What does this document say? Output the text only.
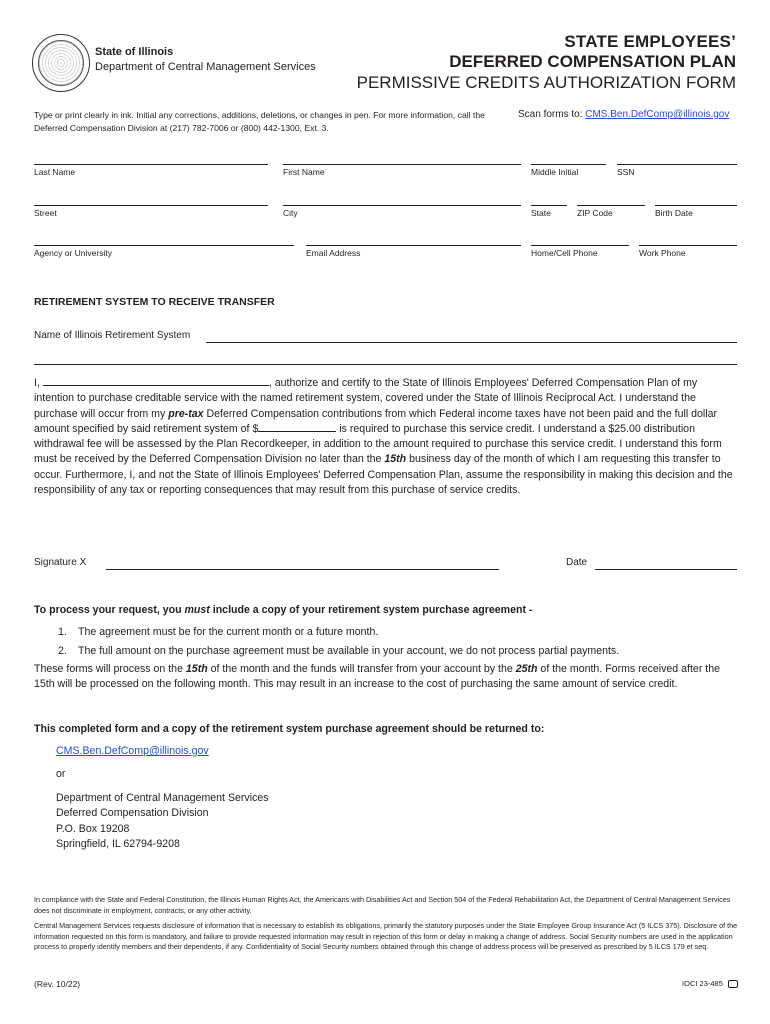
State of Illinois
Department of Central Management Services
STATE EMPLOYEES’
DEFERRED COMPENSATION PLAN
PERMISSIVE CREDITS AUTHORIZATION FORM
Type or print clearly in ink. Initial any corrections, additions, deletions, or changes in pen. For more information, call the Deferred Compensation Division at (217) 782-7006 or (800) 442-1300, Ext. 3.
Scan forms to: CMS.Ben.DefComp@illinois.gov
Last Name	First Name	Middle Initial	SSN
Street	City	State	ZIP Code	Birth Date
Agency or University	Email Address	Home/Cell Phone	Work Phone
RETIREMENT SYSTEM TO RECEIVE TRANSFER
Name of Illinois Retirement System
I,	, authorize and certify to the State of Illinois Employees' Deferred Compensation Plan of my intention to purchase creditable service with the named retirement system, covered under the State of Illinois Reciprocal Act. I understand the purchase will occur from my pre-tax Deferred Compensation contributions from which Federal income taxes have not been paid and the full dollar amount specified by said retirement system of $	is required to purchase this service credit. I understand a $25.00 distribution withdrawal fee will be assessed by the Plan Recordkeeper, in addition to the amount required to purchase this service credit. I understand this form must be received by the Deferred Compensation Division no later than the 15th business day of the month of which I am requesting this transfer to occur. Furthermore, I, and not the State of Illinois Employees' Deferred Compensation Plan, assume the responsibility in making this decision and the responsibility of any tax or reporting consequences that may result from this purchase of service credits.
Signature X	Date
To process your request, you must include a copy of your retirement system purchase agreement -
1. The agreement must be for the current month or a future month.
2. The full amount on the purchase agreement must be available in your account, we do not process partial payments.
These forms will process on the 15th of the month and the funds will transfer from your account by the 25th of the month. Forms received after the 15th will be processed on the following month. This may result in an increase to the cost of purchasing the same amount of service credit.
This completed form and a copy of the retirement system purchase agreement should be returned to:
CMS.Ben.DefComp@illinois.gov
or
Department of Central Management Services
Deferred Compensation Division
P.O. Box 19208
Springfield, IL 62794-9208
In compliance with the State and Federal Constitution, the Illinois Human Rights Act, the Americans with Disabilities Act and Section 504 of the Federal Rehabilitation Act, the Department of Central Management Services does not discriminate in employment, contracts, or any other activity.
Central Management Services requests disclosure of information that is necessary to establish its obligations, primarily the statutory purposes under the State Employee Group Insurance Act (5 ILCS 375). Disclosure of the information requested on this form is mandatory, and failure to provide requested information may result in rejection of this form or delay in making a change of address. Social Security numbers are used in the application process to properly identify members and their dependents, if any. Confidentiality of Social Security numbers obtained through this change of address process will be preserved as prescribed by 5 ILCS 179 et seq.
(Rev. 10/22)	IOCI 23-485
